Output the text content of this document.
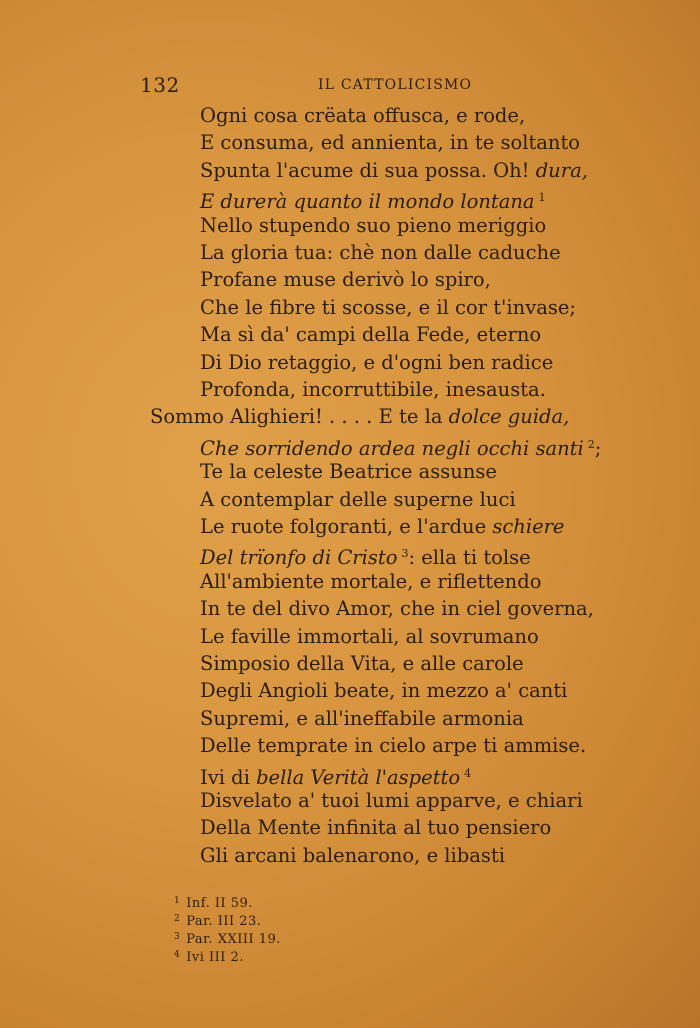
132	IL CATTOLICISMO
Ogni cosa crëata offusca, e rode,
E consuma, ed annienta, in te soltanto
Spunta l'acume di sua possa. Oh! dura,
E durerà quanto il mondo lontana $^1$
Nello stupendo suo pieno meriggio
La gloria tua: chè non dalle caduche
Profane muse derivò lo spiro,
Che le fibre ti scosse, e il cor t'invase;
Ma sì da' campi della Fede, eterno
Di Dio retaggio, e d'ogni ben radice
Profonda, incorruttibile, inesausta.
Sommo Alighieri! . . . . E te la dolce guida,
Che sorridendo ardea negli occhi santi $^2$;
Te la celeste Beatrice assunse
A contemplar delle superne luci
Le ruote folgoranti, e l'ardue schiere
Del trïonfo di Cristo $^3$: ella ti tolse
All'ambiente mortale, e riflettendo
In te del divo Amor, che in ciel governa,
Le faville immortali, al sovrumano
Simposio della Vita, e alle carole
Degli Angioli beate, in mezzo a' canti
Supremi, e all'ineffabile armonia
Delle temprate in cielo arpe ti ammise.
Ivi di bella Verità l'aspetto $^4$
Disvelato a' tuoi lumi apparve, e chiari
Della Mente infinita al tuo pensiero
Gli arcani balenarono, e libasti
$^1$ Inf. II 59.
$^2$ Par. III 23.
$^3$ Par. XXIII 19.
$^4$ Ivi III 2.
